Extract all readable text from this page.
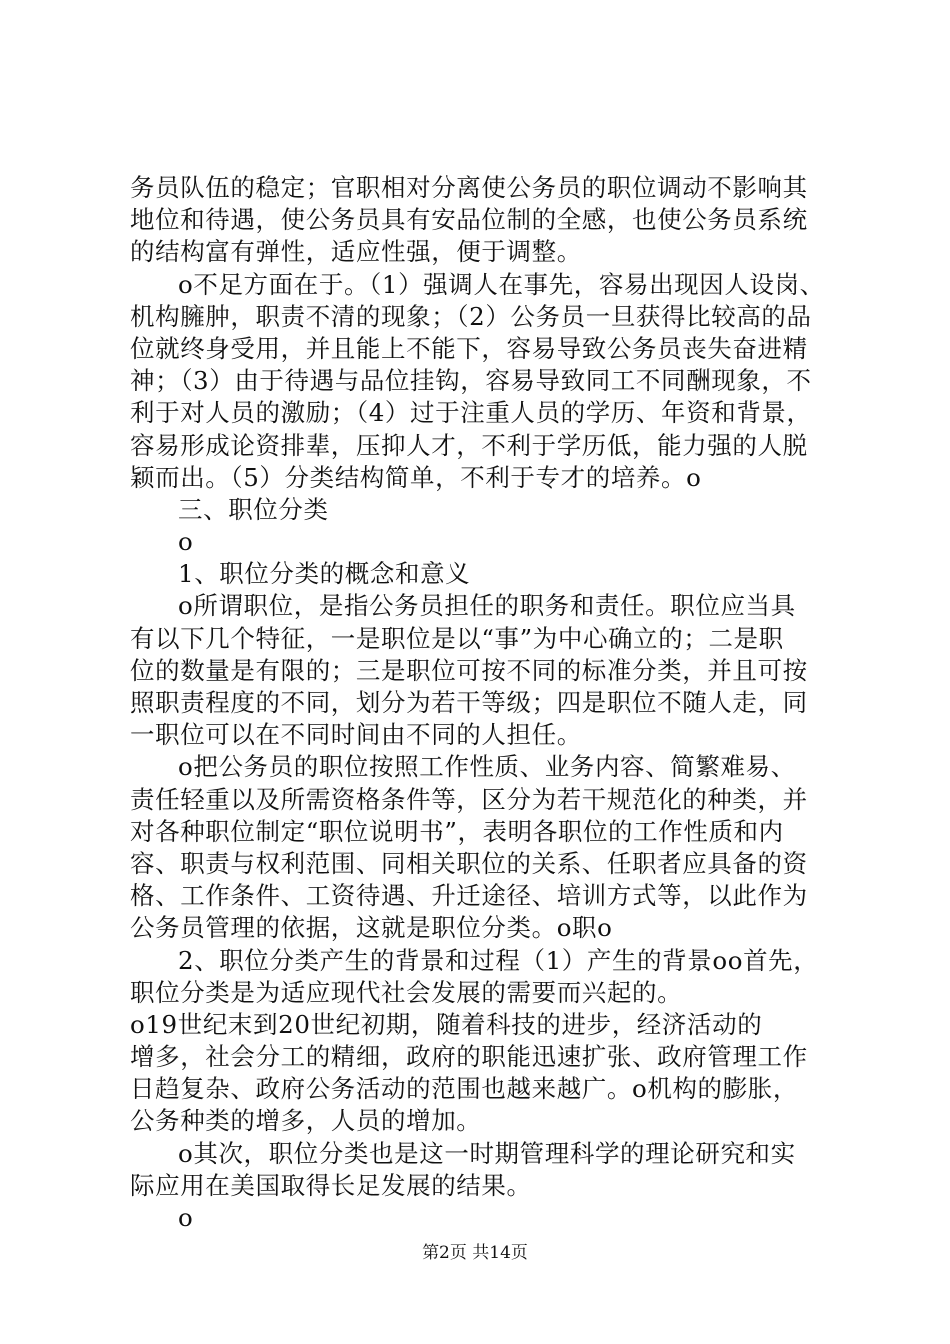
务员队伍的稳定；官职相对分离使公务员的职位调动不影响其
地位和待遇，使公务员具有安品位制的全感，也使公务员系统
的结构富有弹性，适应性强，便于调整。
o不足方面在于。（1）强调人在事先，容易出现因人设岗、
机构臃肿，职责不清的现象；（2）公务员一旦获得比较高的品
位就终身受用，并且能上不能下，容易导致公务员丧失奋进精
神；（3）由于待遇与品位挂钩，容易导致同工不同酬现象，不
利于对人员的激励；（4）过于注重人员的学历、年资和背景，
容易形成论资排辈，压抑人才，不利于学历低，能力强的人脱
颖而出。（5）分类结构简单，不利于专才的培养。o
三、职位分类
o
1、职位分类的概念和意义
o所谓职位，是指公务员担任的职务和责任。职位应当具
有以下几个特征，一是职位是以“事”为中心确立的；二是职
位的数量是有限的；三是职位可按不同的标准分类，并且可按
照职责程度的不同，划分为若干等级；四是职位不随人走，同
一职位可以在不同时间由不同的人担任。
o把公务员的职位按照工作性质、业务内容、简繁难易、
责任轻重以及所需资格条件等，区分为若干规范化的种类，并
对各种职位制定“职位说明书”，表明各职位的工作性质和内
容、职责与权利范围、同相关职位的关系、任职者应具备的资
格、工作条件、工资待遇、升迁途径、培训方式等，以此作为
公务员管理的依据，这就是职位分类。o职o
2、职位分类产生的背景和过程（1）产生的背景oo首先，
职位分类是为适应现代社会发展的需要而兴起的。
o19世纪末到20世纪初期，随着科技的进步，经济活动的
增多，社会分工的精细，政府的职能迅速扩张、政府管理工作
日趋复杂、政府公务活动的范围也越来越广。o机构的膨胀，
公务种类的增多，人员的增加。
o其次，职位分类也是这一时期管理科学的理论研究和实
际应用在美国取得长足发展的结果。
o
第2页 共14页
